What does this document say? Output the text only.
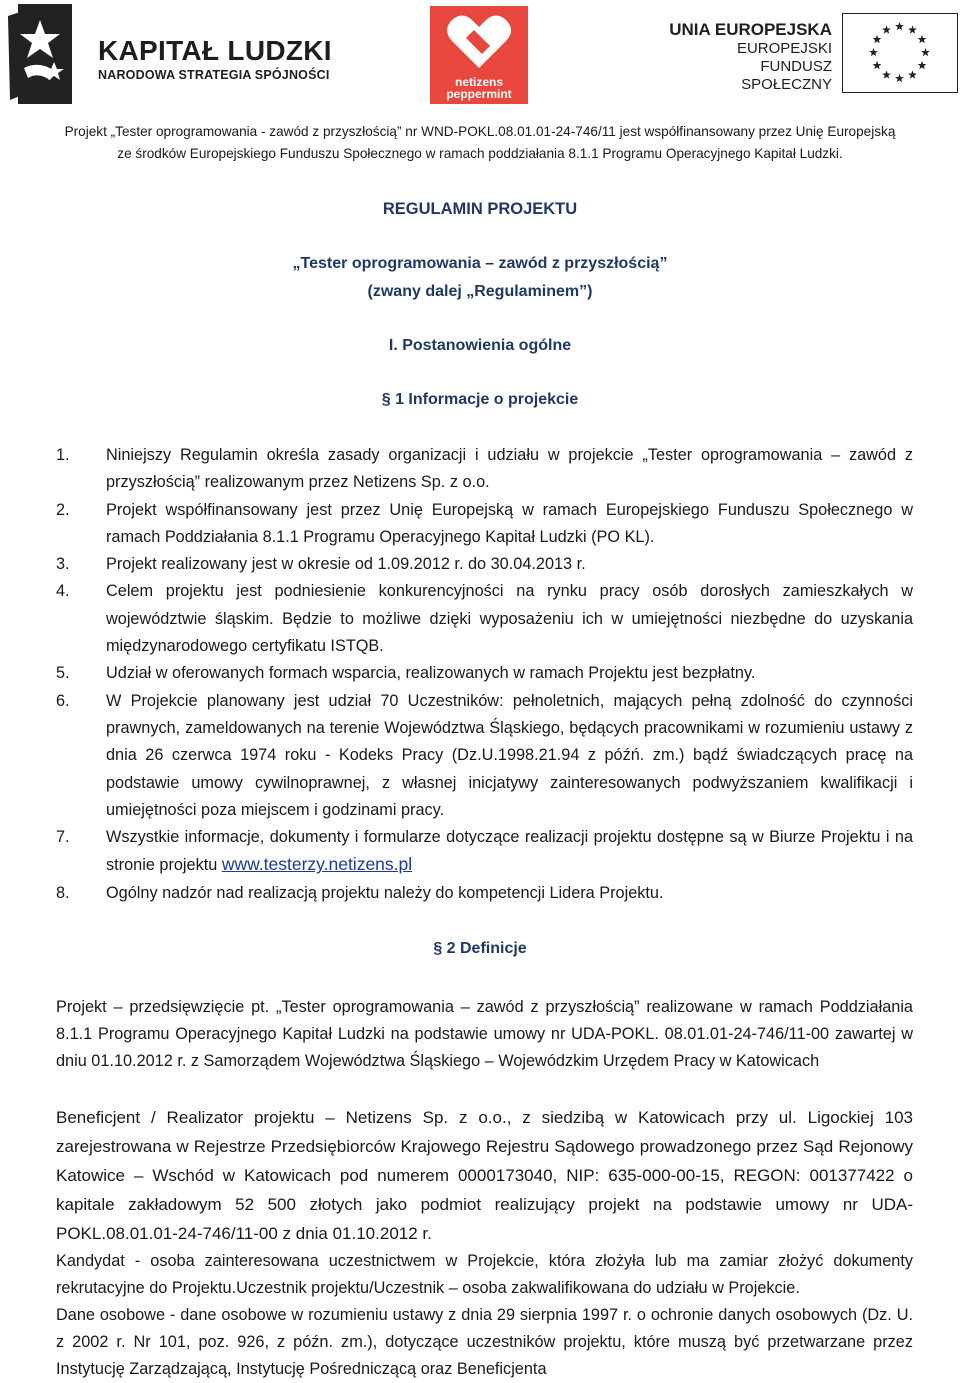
KAPITAŁ LUDZKI
NARODOWA STRATEGIA SPÓJNOŚCI	netizens
peppermint
UNIA EUROPEJSKA
EUROPEJSKI
FUNDUSZ SPOŁECZNY
Projekt „Tester oprogramowania - zawód z przyszłością” nr WND-POKL.08.01.01-24-746/11 jest współfinansowany przez Unię Europejską
ze środków Europejskiego Funduszu Społecznego w ramach poddziałania 8.1.1 Programu Operacyjnego Kapitał Ludzki.
REGULAMIN PROJEKTU
„Tester oprogramowania – zawód z przyszłością”
(zwany dalej „Regulaminem”)
I. Postanowienia ogólne
§ 1 Informacje o projekcie
1. Niniejszy Regulamin określa zasady organizacji i udziału w projekcie „Tester oprogramowania – zawód z przyszłością” realizowanym przez Netizens Sp. z o.o.
2. Projekt współfinansowany jest przez Unię Europejską w ramach Europejskiego Funduszu Społecznego w ramach Poddziałania 8.1.1 Programu Operacyjnego Kapitał Ludzki (PO KL).
3. Projekt realizowany jest w okresie od 1.09.2012 r. do 30.04.2013 r.
4. Celem projektu jest podniesienie konkurencyjności na rynku pracy osób dorosłych zamieszkałych w województwie śląskim. Będzie to możliwe dzięki wyposażeniu ich w umiejętności niezbędne do uzyskania międzynarodowego certyfikatu ISTQB.
5. Udział w oferowanych formach wsparcia, realizowanych w ramach Projektu jest bezpłatny.
6. W Projekcie planowany jest udział 70 Uczestników: pełnoletnich, mających pełną zdolność do czynności prawnych, zameldowanych na terenie Województwa Śląskiego, będących pracownikami w rozumieniu ustawy z dnia 26 czerwca 1974 roku - Kodeks Pracy (Dz.U.1998.21.94 z późń. zm.) bądź świadczących pracę na podstawie umowy cywilnoprawnej, z własnej inicjatywy zainteresowanych podwyższaniem kwalifikacji i umiejętności poza miejscem i godzinami pracy.
7. Wszystkie informacje, dokumenty i formularze dotyczące realizacji projektu dostępne są w Biurze Projektu i na stronie projektu www.testerzy.netizens.pl
8. Ogólny nadzór nad realizacją projektu należy do kompetencji Lidera Projektu.
§ 2 Definicje
Projekt – przedsięwzięcie pt. „Tester oprogramowania – zawód z przyszłością” realizowane w ramach Poddziałania 8.1.1 Programu Operacyjnego Kapitał Ludzki na podstawie umowy nr UDA-POKL. 08.01.01-24-746/11-00 zawartej w dniu 01.10.2012 r. z Samorządem Województwa Śląskiego – Wojewódzkim Urzędem Pracy w Katowicach
Beneficjent / Realizator projektu – Netizens Sp. z o.o., z siedzibą w Katowicach przy ul. Ligockiej 103 zarejestrowana w Rejestrze Przedsiębiorców Krajowego Rejestru Sądowego prowadzonego przez Sąd Rejonowy Katowice – Wschód w Katowicach pod numerem 0000173040, NIP: 635-000-00-15, REGON: 001377422 o kapitale zakładowym 52 500 złotych jako podmiot realizujący projekt na podstawie umowy nr UDA-POKL.08.01.01-24-746/11-00 z dnia 01.10.2012 r.
Kandydat - osoba zainteresowana uczestnictwem w Projekcie, która złożyła lub ma zamiar złożyć dokumenty rekrutacyjne do Projektu.Uczestnik projektu/Uczestnik – osoba zakwalifikowana do udziału w Projekcie.
Dane osobowe - dane osobowe w rozumieniu ustawy z dnia 29 sierpnia 1997 r. o ochronie danych osobowych (Dz. U. z 2002 r. Nr 101, poz. 926, z późn. zm.), dotyczące uczestników projektu, które muszą być przetwarzane przez Instytucję Zarządzającą, Instytucję Pośredniczącą oraz Beneficjenta
